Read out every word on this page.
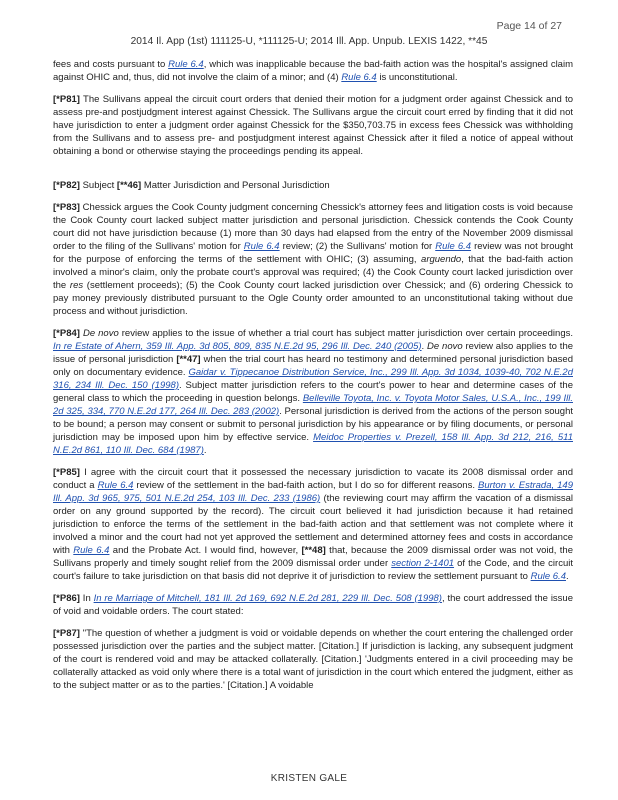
Page 14 of 27
2014 Il. App (1st) 111125-U, *111125-U; 2014 Ill. App. Unpub. LEXIS 1422, **45

fees and costs pursuant to Rule 6.4, which was inapplicable because the bad-faith action was the hospital's assigned claim against OHIC and, thus, did not involve the claim of a minor; and (4) Rule 6.4 is unconstitutional.

[*P81] The Sullivans appeal the circuit court orders that denied their motion for a judgment order against Chessick and to assess pre-and postjudgment interest against Chessick. The Sullivans argue the circuit court erred by finding that it did not have jurisdiction to enter a judgment order against Chessick for the $350,703.75 in excess fees Chessick was withholding from the Sullivans and to assess pre- and postjudgment interest against Chessick after it filed a notice of appeal without obtaining a bond or otherwise staying the proceedings pending its appeal.

[*P82] Subject [**46] Matter Jurisdiction and Personal Jurisdiction

[*P83] Chessick argues the Cook County judgment concerning Chessick's attorney fees and litigation costs is void because the Cook County court lacked subject matter jurisdiction and personal jurisdiction. Chessick contends the Cook County court did not have jurisdiction because (1) more than 30 days had elapsed from the entry of the November 2009 dismissal order to the filing of the Sullivans' motion for Rule 6.4 review; (2) the Sullivans' motion for Rule 6.4 review was not brought for the purpose of enforcing the terms of the settlement with OHIC; (3) assuming, arguendo, that the bad-faith action involved a minor's claim, only the probate court's approval was required; (4) the Cook County court lacked jurisdiction over the res (settlement proceeds); (5) the Cook County court lacked jurisdiction over Chessick; and (6) ordering Chessick to pay money previously distributed pursuant to the Ogle County order amounted to an unconstitutional taking without due process and without jurisdiction.

[*P84] De novo review applies to the issue of whether a trial court has subject matter jurisdiction over certain proceedings. In re Estate of Ahern, 359 Ill. App. 3d 805, 809, 835 N.E.2d 95, 296 Ill. Dec. 240 (2005). De novo review also applies to the issue of personal jurisdiction [**47] when the trial court has heard no testimony and determined personal jurisdiction based only on documentary evidence. Gaidar v. Tippecanoe Distribution Service, Inc., 299 Ill. App. 3d 1034, 1039-40, 702 N.E.2d 316, 234 Ill. Dec. 150 (1998). Subject matter jurisdiction refers to the court's power to hear and determine cases of the general class to which the proceeding in question belongs. Belleville Toyota, Inc. v. Toyota Motor Sales, U.S.A., Inc., 199 Ill. 2d 325, 334, 770 N.E.2d 177, 264 Ill. Dec. 283 (2002). Personal jurisdiction is derived from the actions of the person sought to be bound; a person may consent or submit to personal jurisdiction by his appearance or by filing documents, or personal jurisdiction may be imposed upon him by effective service. Meidoc Properties v. Prezell, 158 Ill. App. 3d 212, 216, 511 N.E.2d 861, 110 Ill. Dec. 684 (1987).

[*P85] I agree with the circuit court that it possessed the necessary jurisdiction to vacate its 2008 dismissal order and conduct a Rule 6.4 review of the settlement in the bad-faith action, but I do so for different reasons. Burton v. Estrada, 149 Ill. App. 3d 965, 975, 501 N.E.2d 254, 103 Ill. Dec. 233 (1986) (the reviewing court may affirm the vacation of a dismissal order on any ground supported by the record). The circuit court believed it had jurisdiction because it had retained jurisdiction to enforce the terms of the settlement in the bad-faith action and that settlement was not complete where it involved a minor and the court had not yet approved the settlement and determined attorney fees and costs in accordance with Rule 6.4 and the Probate Act. I would find, however, [**48] that, because the 2009 dismissal order was not void, the Sullivans properly and timely sought relief from the 2009 dismissal order under section 2-1401 of the Code, and the circuit court's failure to take jurisdiction on that basis did not deprive it of jurisdiction to review the settlement pursuant to Rule 6.4.

[*P86] In In re Marriage of Mitchell, 181 Ill. 2d 169, 692 N.E.2d 281, 229 Ill. Dec. 508 (1998), the court addressed the issue of void and voidable orders. The court stated:

[*P87] "The question of whether a judgment is void or voidable depends on whether the court entering the challenged order possessed jurisdiction over the parties and the subject matter. [Citation.] If jurisdiction is lacking, any subsequent judgment of the court is rendered void and may be attacked collaterally. [Citation.] 'Judgments entered in a civil proceeding may be collaterally attacked as void only where there is a total want of jurisdiction in the court which entered the judgment, either as to the subject matter or as to the parties.' [Citation.] A voidable

KRISTEN GALE
